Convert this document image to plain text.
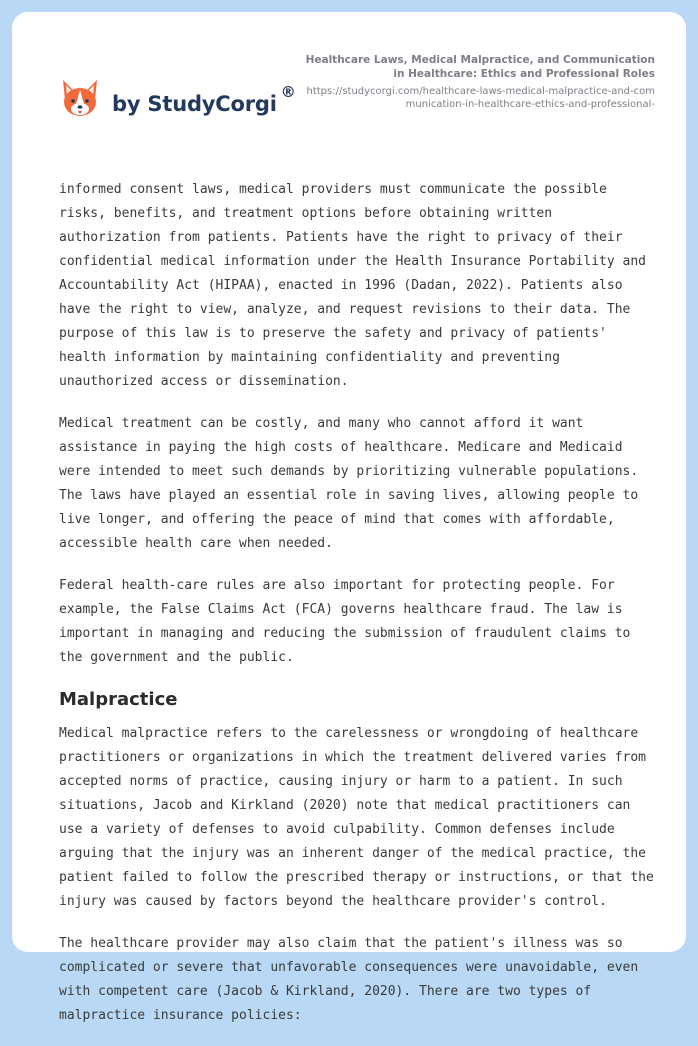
by StudyCorgi ®
Healthcare Laws, Medical Malpractice, and Communication in Healthcare: Ethics and Professional Roles
https://studycorgi.com/healthcare-laws-medical-malpractice-and-communication-in-healthcare-ethics-and-professional-

informed consent laws, medical providers must communicate the possible risks, benefits, and treatment options before obtaining written authorization from patients. Patients have the right to privacy of their confidential medical information under the Health Insurance Portability and Accountability Act (HIPAA), enacted in 1996 (Dadan, 2022). Patients also have the right to view, analyze, and request revisions to their data. The purpose of this law is to preserve the safety and privacy of patients' health information by maintaining confidentiality and preventing unauthorized access or dissemination.

Medical treatment can be costly, and many who cannot afford it want assistance in paying the high costs of healthcare. Medicare and Medicaid were intended to meet such demands by prioritizing vulnerable populations. The laws have played an essential role in saving lives, allowing people to live longer, and offering the peace of mind that comes with affordable, accessible health care when needed.

Federal health-care rules are also important for protecting people. For example, the False Claims Act (FCA) governs healthcare fraud. The law is important in managing and reducing the submission of fraudulent claims to the government and the public.

Malpractice

Medical malpractice refers to the carelessness or wrongdoing of healthcare practitioners or organizations in which the treatment delivered varies from accepted norms of practice, causing injury or harm to a patient. In such situations, Jacob and Kirkland (2020) note that medical practitioners can use a variety of defenses to avoid culpability. Common defenses include arguing that the injury was an inherent danger of the medical practice, the patient failed to follow the prescribed therapy or instructions, or that the injury was caused by factors beyond the healthcare provider's control.

The healthcare provider may also claim that the patient's illness was so complicated or severe that unfavorable consequences were unavoidable, even with competent care (Jacob & Kirkland, 2020). There are two types of malpractice insurance policies:
